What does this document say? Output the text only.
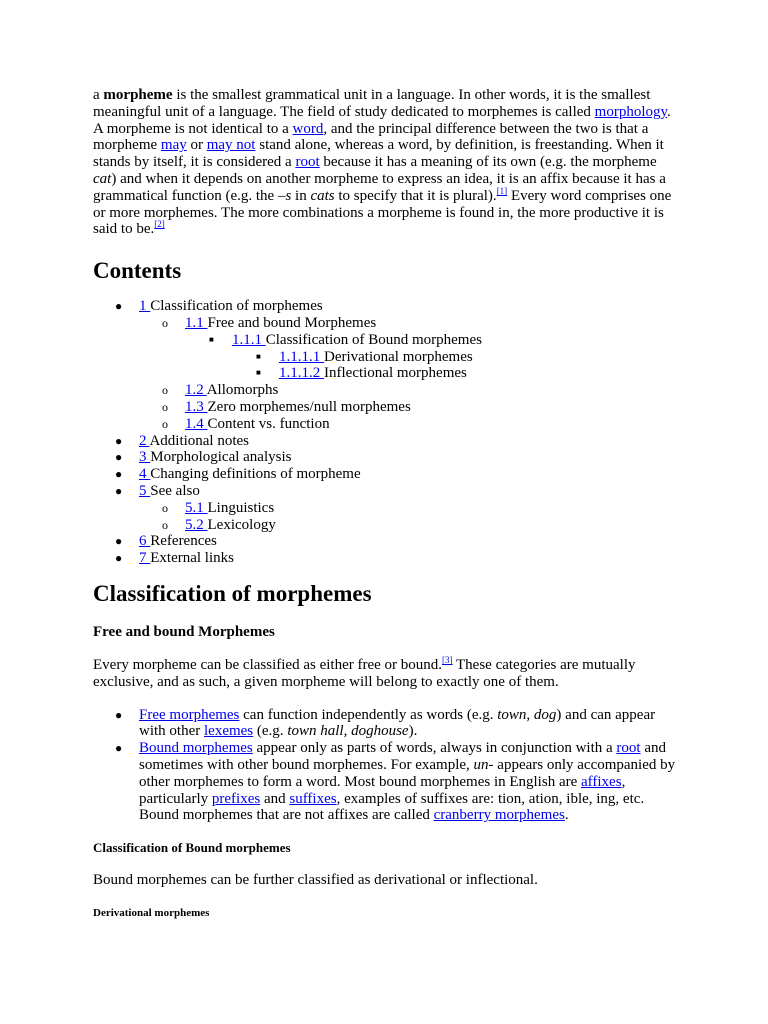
a morpheme is the smallest grammatical unit in a language. In other words, it is the smallest meaningful unit of a language. The field of study dedicated to morphemes is called morphology. A morpheme is not identical to a word, and the principal difference between the two is that a morpheme may or may not stand alone, whereas a word, by definition, is freestanding. When it stands by itself, it is considered a root because it has a meaning of its own (e.g. the morpheme cat) and when it depends on another morpheme to express an idea, it is an affix because it has a grammatical function (e.g. the –s in cats to specify that it is plural).[1] Every word comprises one or more morphemes. The more combinations a morpheme is found in, the more productive it is said to be.[2]

Contents
● 1 Classification of morphemes
o 1.1 Free and bound Morphemes
■ 1.1.1 Classification of Bound morphemes
■ 1.1.1.1 Derivational morphemes
■ 1.1.1.2 Inflectional morphemes
o 1.2 Allomorphs
o 1.3 Zero morphemes/null morphemes
o 1.4 Content vs. function
● 2 Additional notes
● 3 Morphological analysis
● 4 Changing definitions of morpheme
● 5 See also
o 5.1 Linguistics
o 5.2 Lexicology
● 6 References
● 7 External links
Classification of morphemes
Free and bound Morphemes

Every morpheme can be classified as either free or bound.[3] These categories are mutually exclusive, and as such, a given morpheme will belong to exactly one of them.

● Free morphemes can function independently as words (e.g. town, dog) and can appear with other lexemes (e.g. town hall, doghouse).
● Bound morphemes appear only as parts of words, always in conjunction with a root and sometimes with other bound morphemes. For example, un- appears only accompanied by other morphemes to form a word. Most bound morphemes in English are affixes, particularly prefixes and suffixes, examples of suffixes are: tion, ation, ible, ing, etc. Bound morphemes that are not affixes are called cranberry morphemes.
Classification of Bound morphemes

Bound morphemes can be further classified as derivational or inflectional.

Derivational morphemes
